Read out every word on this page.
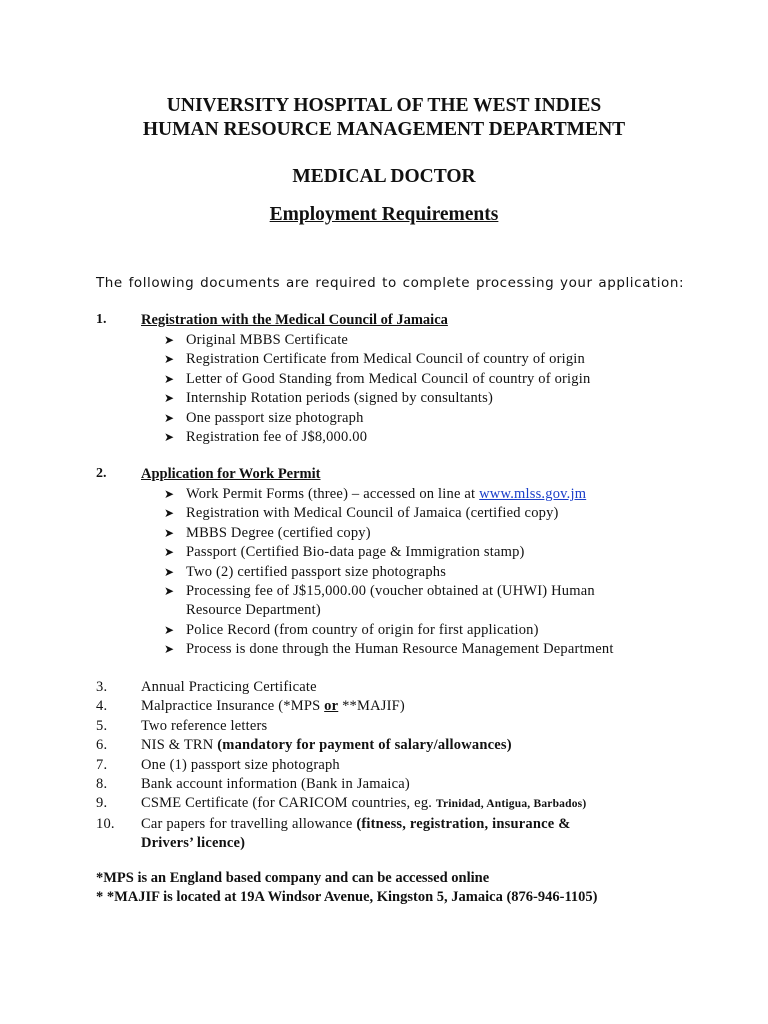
UNIVERSITY HOSPITAL OF THE WEST INDIES
HUMAN RESOURCE MANAGEMENT DEPARTMENT
MEDICAL DOCTOR
Employment Requirements
The following documents are required to complete processing your application:
1. Registration with the Medical Council of Jamaica
➤ Original MBBS Certificate
➤ Registration Certificate from Medical Council of country of origin
➤ Letter of Good Standing from Medical Council of country of origin
➤ Internship Rotation periods (signed by consultants)
➤ One passport size photograph
➤ Registration fee of J$8,000.00
2. Application for Work Permit
➤ Work Permit Forms (three) – accessed on line at www.mlss.gov.jm
➤ Registration with Medical Council of Jamaica (certified copy)
➤ MBBS Degree (certified copy)
➤ Passport (Certified Bio-data page & Immigration stamp)
➤ Two (2) certified passport size photographs
➤ Processing fee of J$15,000.00 (voucher obtained at (UHWI) Human
Resource Department)
➤ Police Record (from country of origin for first application)
➤ Process is done through the Human Resource Management Department
3. Annual Practicing Certificate
4. Malpractice Insurance (*MPS or **MAJIF)
5. Two reference letters
6. NIS & TRN (mandatory for payment of salary/allowances)
7. One (1) passport size photograph
8. Bank account information (Bank in Jamaica)
9. CSME Certificate (for CARICOM countries, eg. Trinidad, Antigua, Barbados)
10. Car papers for travelling allowance (fitness, registration, insurance &
Drivers’ licence)
*MPS is an England based company and can be accessed online
* *MAJIF is located at 19A Windsor Avenue, Kingston 5, Jamaica (876-946-1105)
